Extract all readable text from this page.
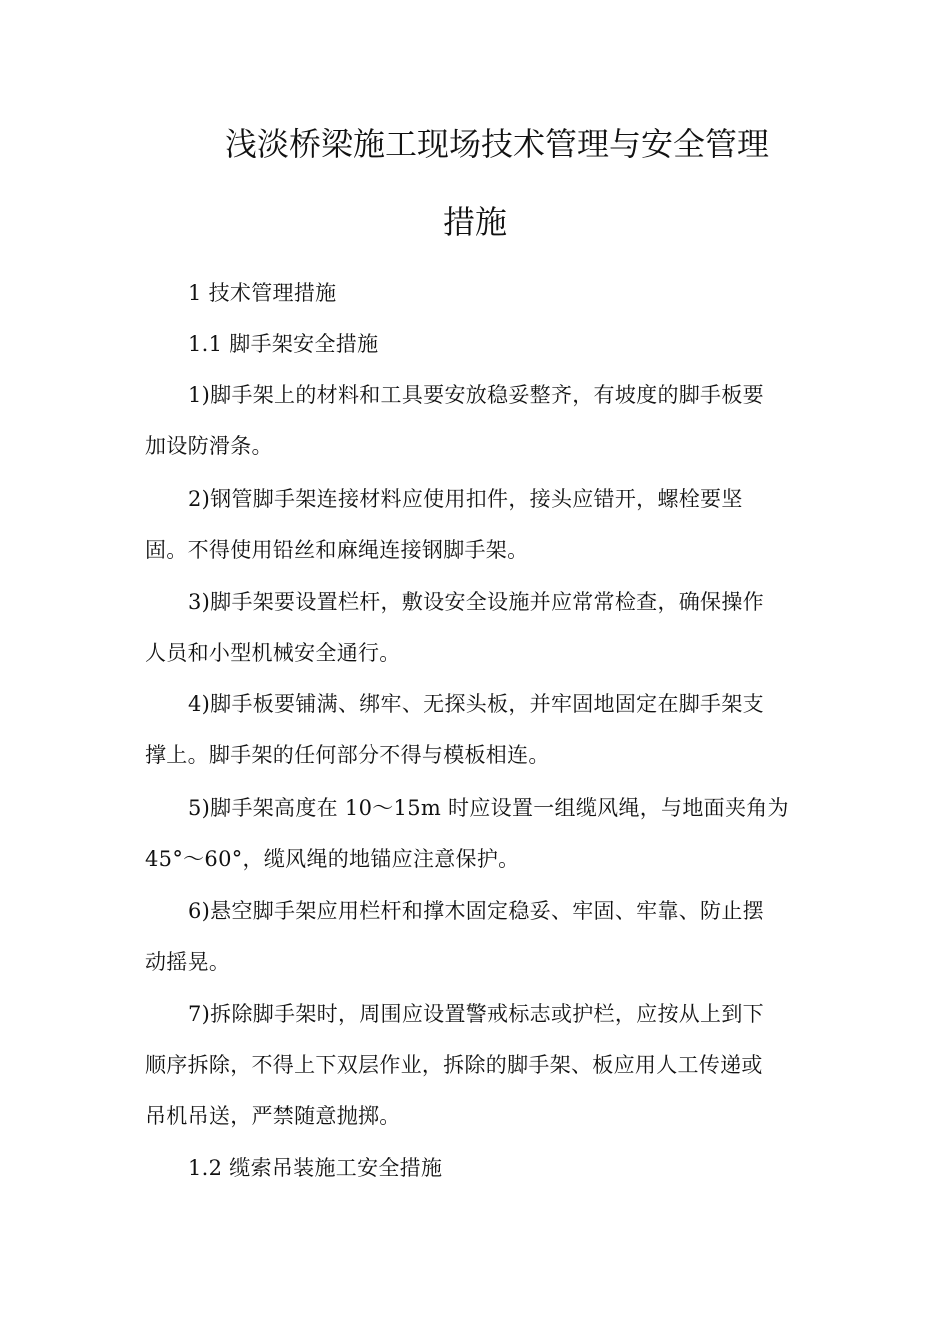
浅淡桥梁施工现场技术管理与安全管理
措施
1 技术管理措施
1.1 脚手架安全措施
1)脚手架上的材料和工具要安放稳妥整齐，有坡度的脚手板要
加设防滑条。
2)钢管脚手架连接材料应使用扣件，接头应错开，螺栓要坚
固。不得使用铅丝和麻绳连接钢脚手架。
3)脚手架要设置栏杆，敷设安全设施并应常常检查，确保操作
人员和小型机械安全通行。
4)脚手板要铺满、绑牢、无探头板，并牢固地固定在脚手架支
撑上。脚手架的任何部分不得与模板相连。
5)脚手架高度在 10～15m 时应设置一组缆风绳，与地面夹角为
45°～60°，缆风绳的地锚应注意保护。
6)悬空脚手架应用栏杆和撑木固定稳妥、牢固、牢靠、防止摆
动摇晃。
7)拆除脚手架时，周围应设置警戒标志或护栏，应按从上到下
顺序拆除，不得上下双层作业，拆除的脚手架、板应用人工传递或
吊机吊送，严禁随意抛掷。
1.2 缆索吊装施工安全措施
